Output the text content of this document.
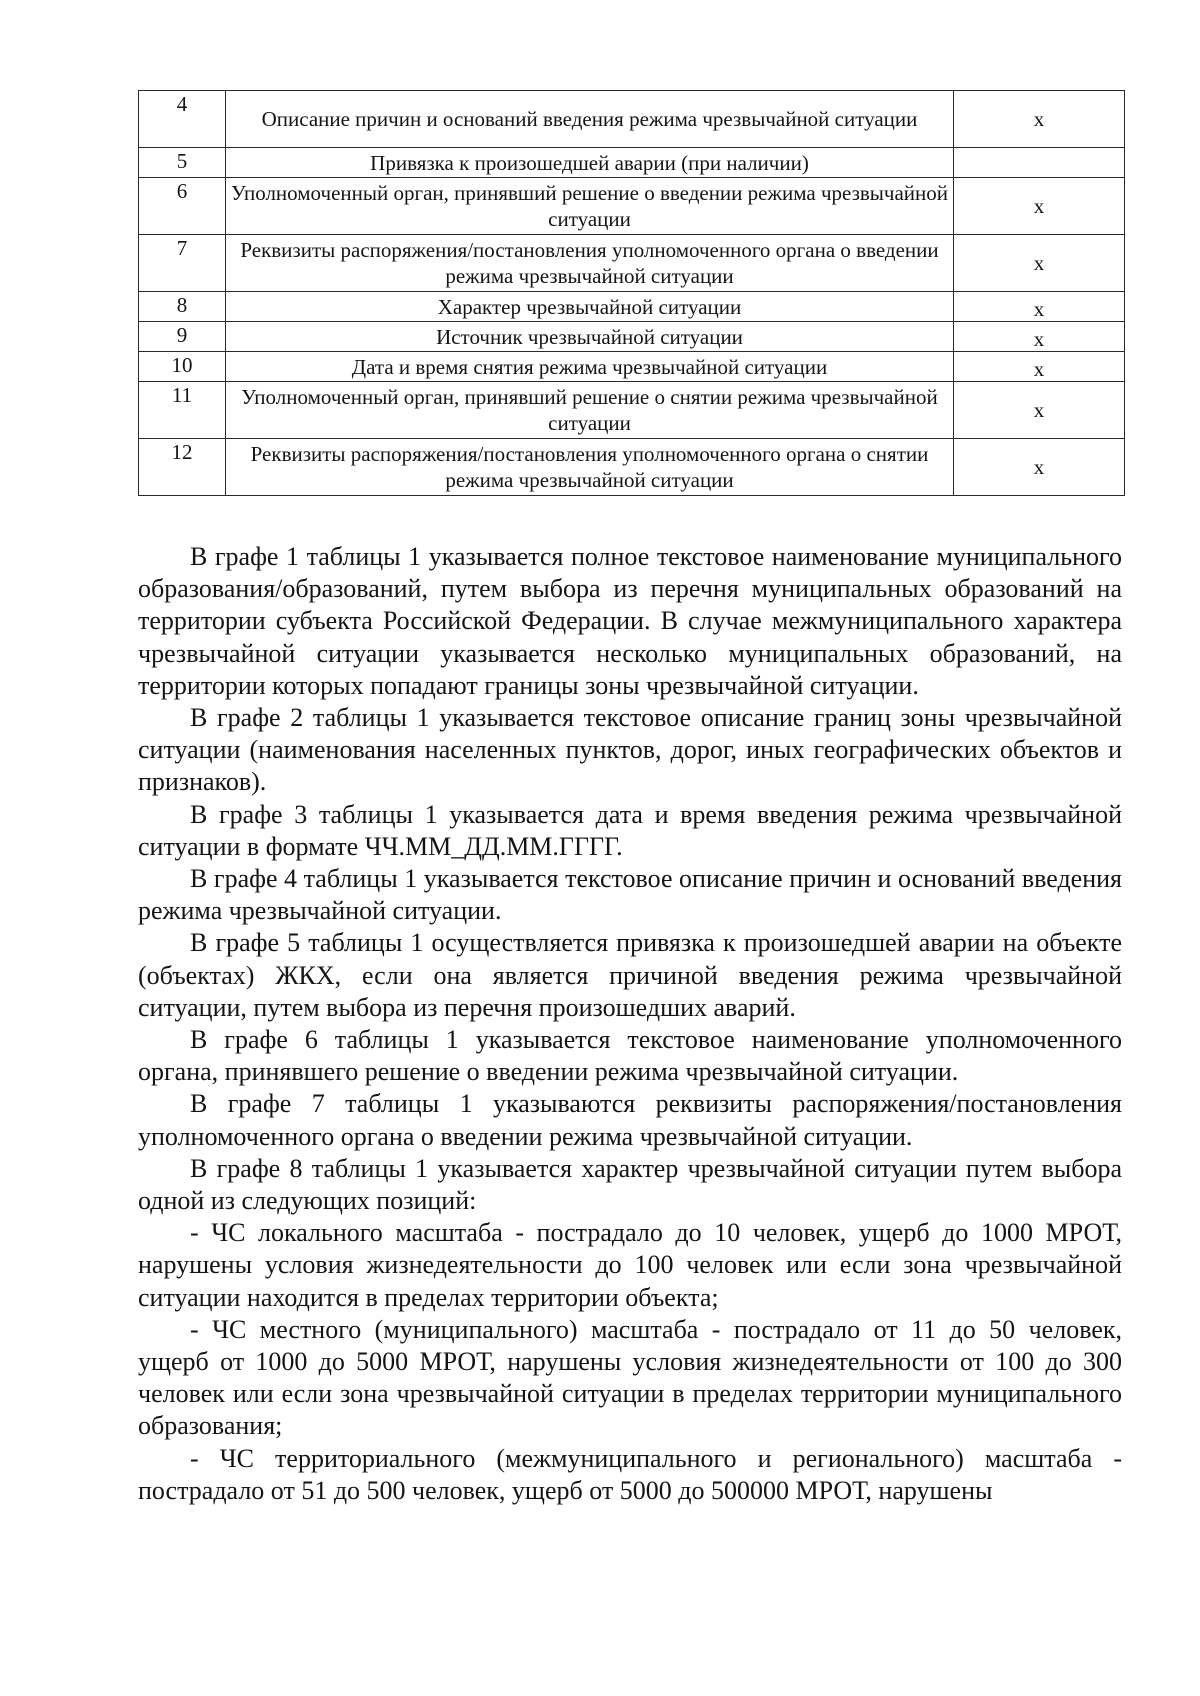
4	Описание причин и оснований введения режима чрезвычайной ситуации	x
5	Привязка к произошедшей аварии (при наличии)	
6	Уполномоченный орган, принявший решение о введении режима чрезвычайной ситуации	x
7	Реквизиты распоряжения/постановления уполномоченного органа о введении режима чрезвычайной ситуации	x
8	Характер чрезвычайной ситуации	x
9	Источник чрезвычайной ситуации	x
10	Дата и время снятия режима чрезвычайной ситуации	x
11	Уполномоченный орган, принявший решение о снятии режима чрезвычайной ситуации	x
12	Реквизиты распоряжения/постановления уполномоченного органа о снятии режима чрезвычайной ситуации	x

В графе 1 таблицы 1 указывается полное текстовое наименование муниципального образования/образований, путем выбора из перечня муниципальных образований на территории субъекта Российской Федерации. В случае межмуниципального характера чрезвычайной ситуации указывается несколько муниципальных образований, на территории которых попадают границы зоны чрезвычайной ситуации.

В графе 2 таблицы 1 указывается текстовое описание границ зоны чрезвычайной ситуации (наименования населенных пунктов, дорог, иных географических объектов и признаков).

В графе 3 таблицы 1 указывается дата и время введения режима чрезвычайной ситуации в формате ЧЧ.ММ_ДД.ММ.ГГГГ.

В графе 4 таблицы 1 указывается текстовое описание причин и оснований введения режима чрезвычайной ситуации.

В графе 5 таблицы 1 осуществляется привязка к произошедшей аварии на объекте (объектах) ЖКХ, если она является причиной введения режима чрезвычайной ситуации, путем выбора из перечня произошедших аварий.

В графе 6 таблицы 1 указывается текстовое наименование уполномоченного органа, принявшего решение о введении режима чрезвычайной ситуации.

В графе 7 таблицы 1 указываются реквизиты распоряжения/постановления уполномоченного органа о введении режима чрезвычайной ситуации.

В графе 8 таблицы 1 указывается характер чрезвычайной ситуации путем выбора одной из следующих позиций:

- ЧС локального масштаба - пострадало до 10 человек, ущерб до 1000 МРОТ, нарушены условия жизнедеятельности до 100 человек или если зона чрезвычайной ситуации находится в пределах территории объекта;

- ЧС местного (муниципального) масштаба - пострадало от 11 до 50 человек, ущерб от 1000 до 5000 МРОТ, нарушены условия жизнедеятельности от 100 до 300 человек или если зона чрезвычайной ситуации в пределах территории муниципального образования;

- ЧС территориального (межмуниципального и регионального) масштаба - пострадало от 51 до 500 человек, ущерб от 5000 до 500000 МРОТ, нарушены
